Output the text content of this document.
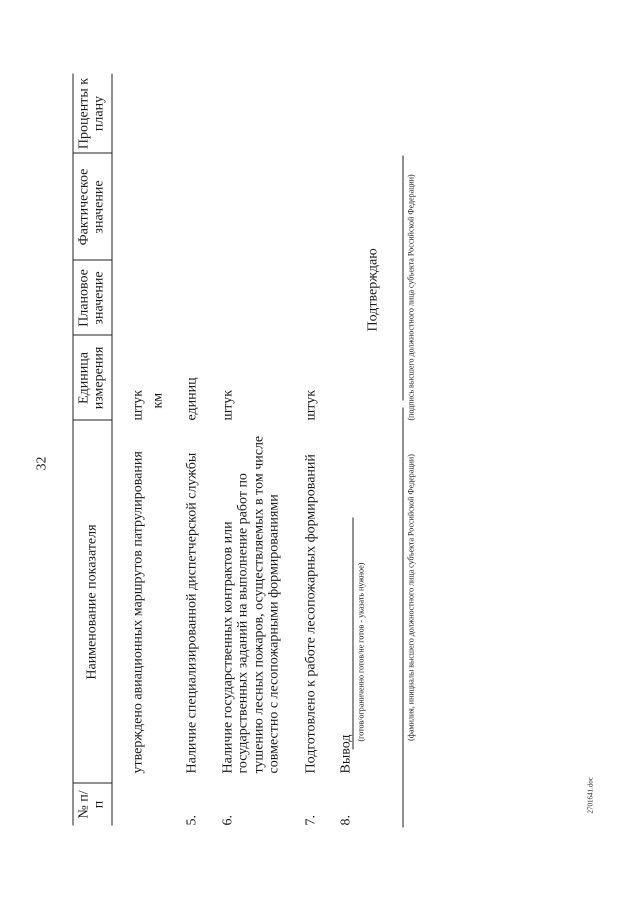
32
№ п/п
Наименование показателя
Единица измерения
Плановое значение
Фактическое значение
Проценты к плану
утверждено авиационных маршрутов патрулирования
штук км
5.
Наличие специализированной диспетчерской службы
единиц
6.
Наличие государственных контрактов или государственных заданий на выполнение работ по тушению лесных пожаров, осуществляемых в том числе совместно с лесопожарными формированиями
штук
7.
Подготовлено к работе лесопожарных формирований
штук
8.
Вывод
(готов/ограниченно готов/не готов - указать нужное)
Подтверждаю
(фамилия, инициалы высшего должностного лица субъекта Российской Федерации)
(подпись высшего должностного лица субъекта Российской Федерации)
2701641.doc
